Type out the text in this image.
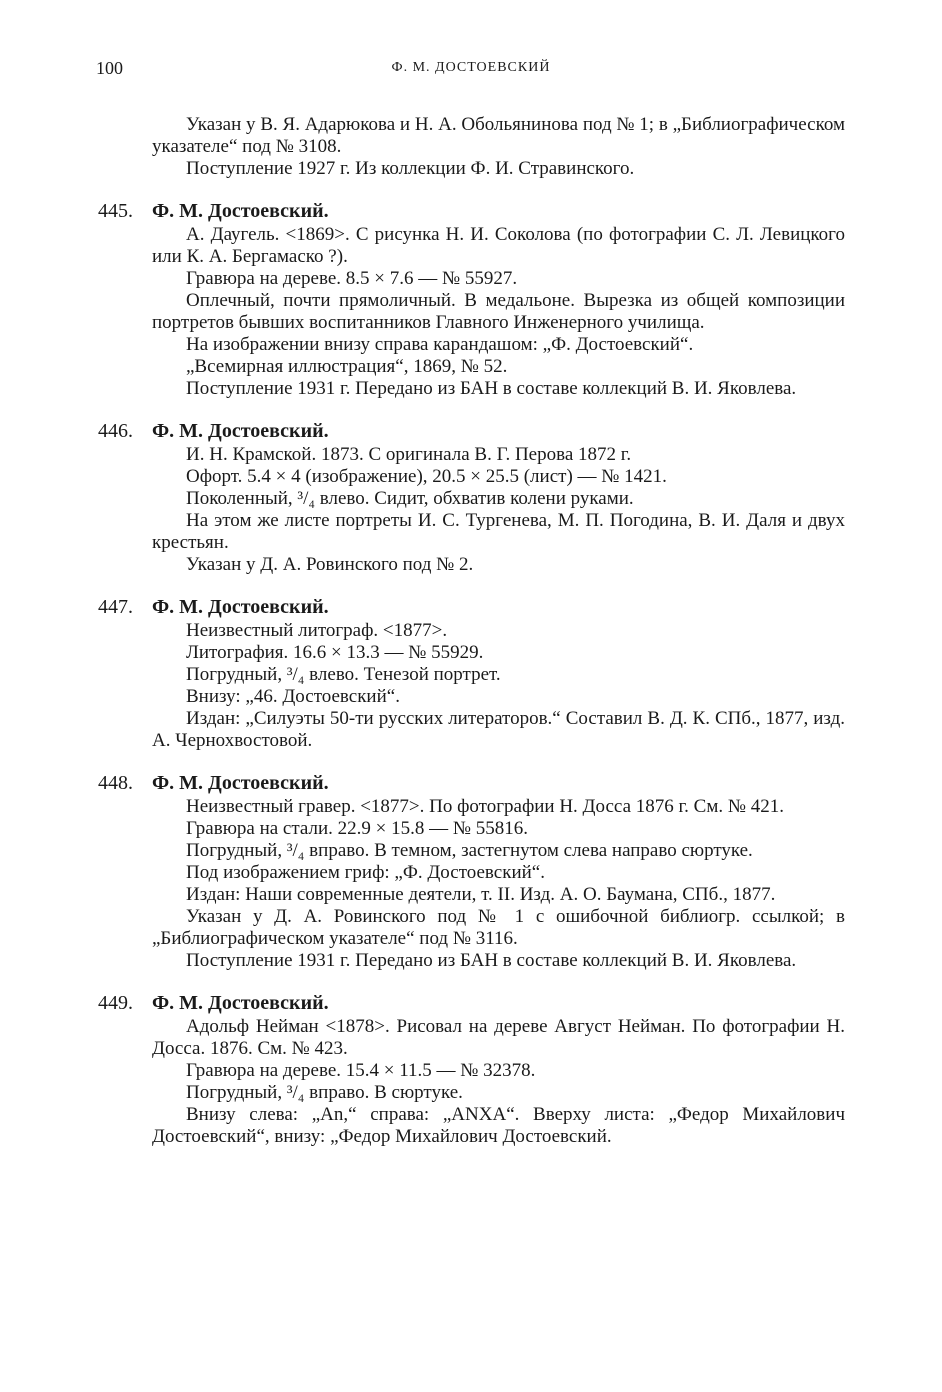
100	Ф. М. ДОСТОЕВСКИЙ

Указан у В. Я. Адарюкова и Н. А. Обольянинова под № 1; в „Библиографическом указателе“ под № 3108.

Поступление 1927 г. Из коллекции Ф. И. Стравинского.

445. Ф. М. Достоевский.

А. Даугель. <1869>. С рисунка Н. И. Соколова (по фотографии С. Л. Левицкого или К. А. Бергамаско ?).

Гравюра на дереве. 8.5 × 7.6 — № 55927.

Оплечный, почти прямоличный. В медальоне. Вырезка из общей композиции портретов бывших воспитанников Главного Инженерного училища.

На изображении внизу справа карандашом: „Ф. Достоевский“.

„Всемирная иллюстрация“, 1869, № 52.

Поступление 1931 г. Передано из БАН в составе коллекций В. И. Яковлева.

446. Ф. М. Достоевский.

И. Н. Крамской. 1873. С оригинала В. Г. Перова 1872 г.

Офорт. 5.4 × 4 (изображение), 20.5 × 25.5 (лист) — № 1421.

Поколенный, ³/₄ влево. Сидит, обхватив колени руками.

На этом же листе портреты И. С. Тургенева, М. П. Погодина, В. И. Даля и двух крестьян.

Указан у Д. А. Ровинского под № 2.

447. Ф. М. Достоевский.

Неизвестный литограф. <1877>.

Литография. 16.6 × 13.3 — № 55929.

Погрудный, ³/₄ влево. Тенезой портрет.

Внизу: „46. Достоевский“.

Издан: „Силуэты 50-ти русских литераторов.“ Составил В. Д. К. СПб., 1877, изд. А. Чернохвостовой.

448. Ф. М. Достоевский.

Неизвестный гравер. <1877>. По фотографии Н. Досса 1876 г. См. № 421.

Гравюра на стали. 22.9 × 15.8 — № 55816.

Погрудный, ³/₄ вправо. В темном, застегнутом слева направо сюртуке.

Под изображением гриф: „Ф. Достоевский“.

Издан: Наши современные деятели, т. II. Изд. А. О. Баумана, СПб., 1877.

Указан у Д. А. Ровинского под № 1 с ошибочной библиогр. ссылкой; в „Библиографическом указателе“ под № 3116.

Поступление 1931 г. Передано из БАН в составе коллекций В. И. Яковлева.

449. Ф. М. Достоевский.

Адольф Нейман <1878>. Рисовал на дереве Август Нейман. По фотографии Н. Досса. 1876. См. № 423.

Гравюра на дереве. 15.4 × 11.5 — № 32378.

Погрудный, ³/₄ вправо. В сюртуке.

Внизу слева: „An,“ справа: „ANXA“. Вверху листа: „Федор Михайлович Достоевский“, внизу: „Федор Михайлович Достоевский.
